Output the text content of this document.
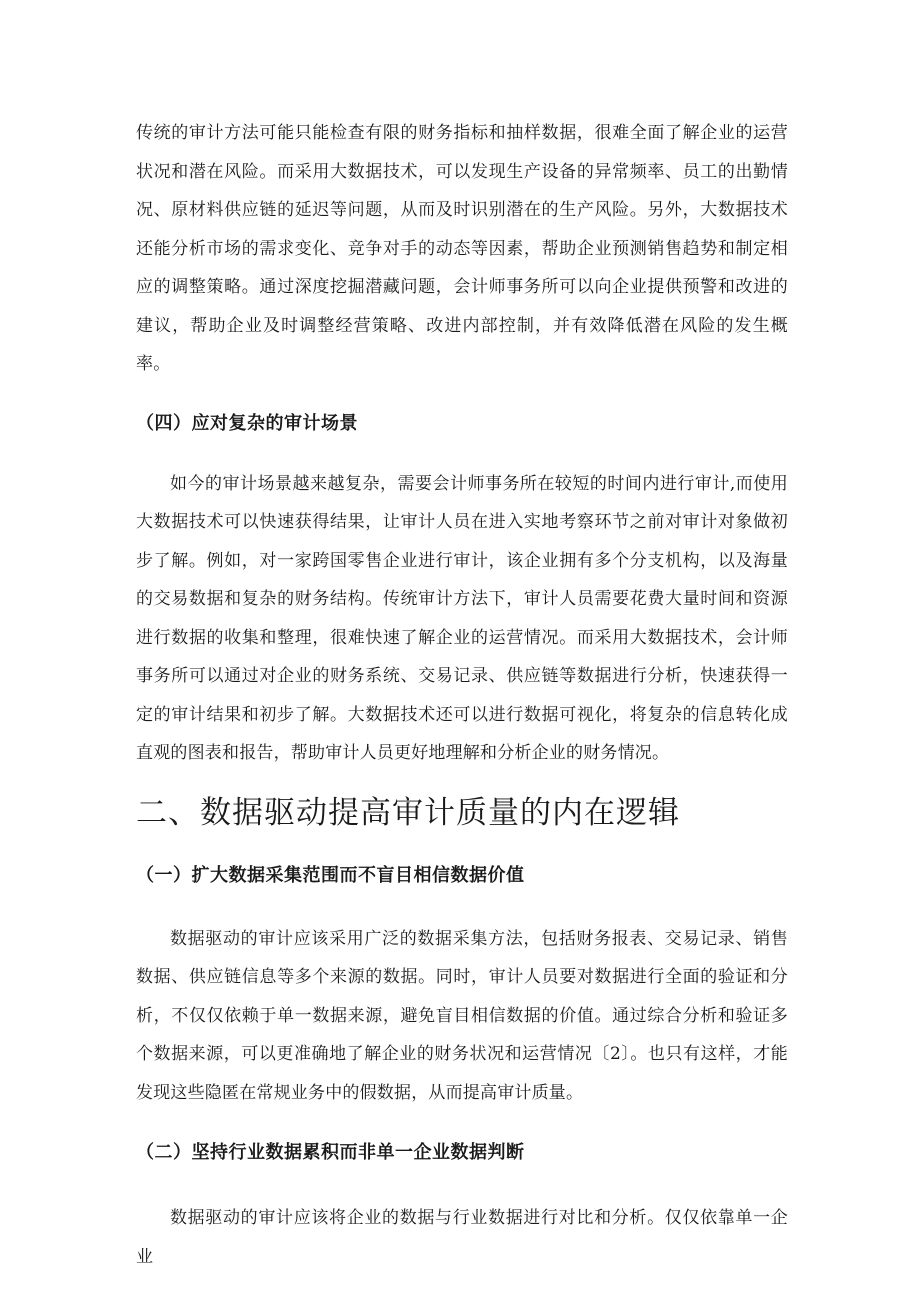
传统的审计方法可能只能检查有限的财务指标和抽样数据，很难全面了解企业的运营状况和潜在风险。而采用大数据技术，可以发现生产设备的异常频率、员工的出勤情况、原材料供应链的延迟等问题，从而及时识别潜在的生产风险。另外，大数据技术还能分析市场的需求变化、竞争对手的动态等因素，帮助企业预测销售趋势和制定相应的调整策略。通过深度挖掘潜藏问题，会计师事务所可以向企业提供预警和改进的建议，帮助企业及时调整经营策略、改进内部控制，并有效降低潜在风险的发生概率。

（四）应对复杂的审计场景

如今的审计场景越来越复杂，需要会计师事务所在较短的时间内进行审计,而使用大数据技术可以快速获得结果，让审计人员在进入实地考察环节之前对审计对象做初步了解。例如，对一家跨国零售企业进行审计，该企业拥有多个分支机构，以及海量的交易数据和复杂的财务结构。传统审计方法下，审计人员需要花费大量时间和资源进行数据的收集和整理，很难快速了解企业的运营情况。而采用大数据技术，会计师事务所可以通过对企业的财务系统、交易记录、供应链等数据进行分析，快速获得一定的审计结果和初步了解。大数据技术还可以进行数据可视化，将复杂的信息转化成直观的图表和报告，帮助审计人员更好地理解和分析企业的财务情况。

二、数据驱动提高审计质量的内在逻辑
（一）扩大数据采集范围而不盲目相信数据价值

数据驱动的审计应该采用广泛的数据采集方法，包括财务报表、交易记录、销售数据、供应链信息等多个来源的数据。同时，审计人员要对数据进行全面的验证和分析，不仅仅依赖于单一数据来源，避免盲目相信数据的价值。通过综合分析和验证多个数据来源，可以更准确地了解企业的财务状况和运营情况〔2〕。也只有这样，才能发现这些隐匿在常规业务中的假数据，从而提高审计质量。

（二）坚持行业数据累积而非单一企业数据判断

数据驱动的审计应该将企业的数据与行业数据进行对比和分析。仅仅依靠单一企业
